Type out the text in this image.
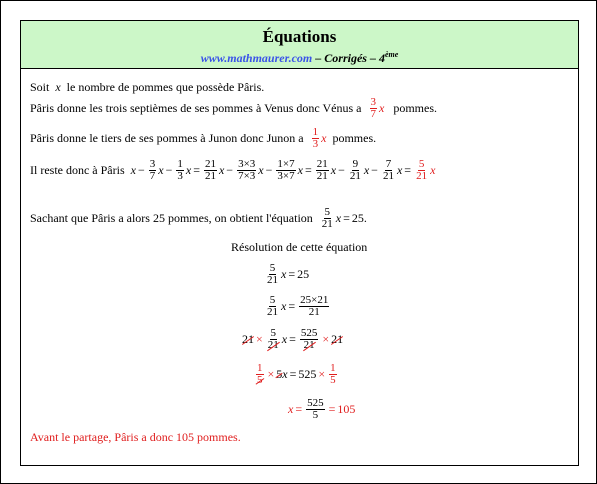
Équations
www.mathmaurer.com – Corrigés – 4ème
Soit
x
le nombre de pommes que possède Pâris.
Pâris donne les trois septièmes de ses pommes à Venus donc Vénus a
$\frac{3}{7}$ x
pommes.
Pâris donne le tiers de ses pommes à Junon donc Junon a
$\frac{1}{3}$ x
pommes.
Il reste donc à Pâris
$x - \frac{3}{7}$ $x - \frac{1}{3}$ $x = \frac{21}{21}$ $x - \frac{3\times 3}{7\times 3}$ $x - \frac{1\times 7}{3\times 7}$ $x = \frac{21}{21}$ $x - \frac{9}{21}$ $x - \frac{7}{21}$ $x = \frac{5}{21}$ x
Sachant que Pâris a alors 25 pommes, on obtient l'équation
$\frac{5}{21}$ x = 25 .
Résolution de cette équation
$\frac{5}{21}$ x = 25
$\frac{5}{21}$ $x = \frac{25\times 21}{21}$
$21 \times \frac{5}{21}$ $x = \frac{525}{21} \times 21$
$\frac{1}{5} \times 5$ $x = 525 \times \frac{1}{5}$
$x = \frac{525}{5} = 105$
Avant le partage, Pâris a donc 105 pommes.
